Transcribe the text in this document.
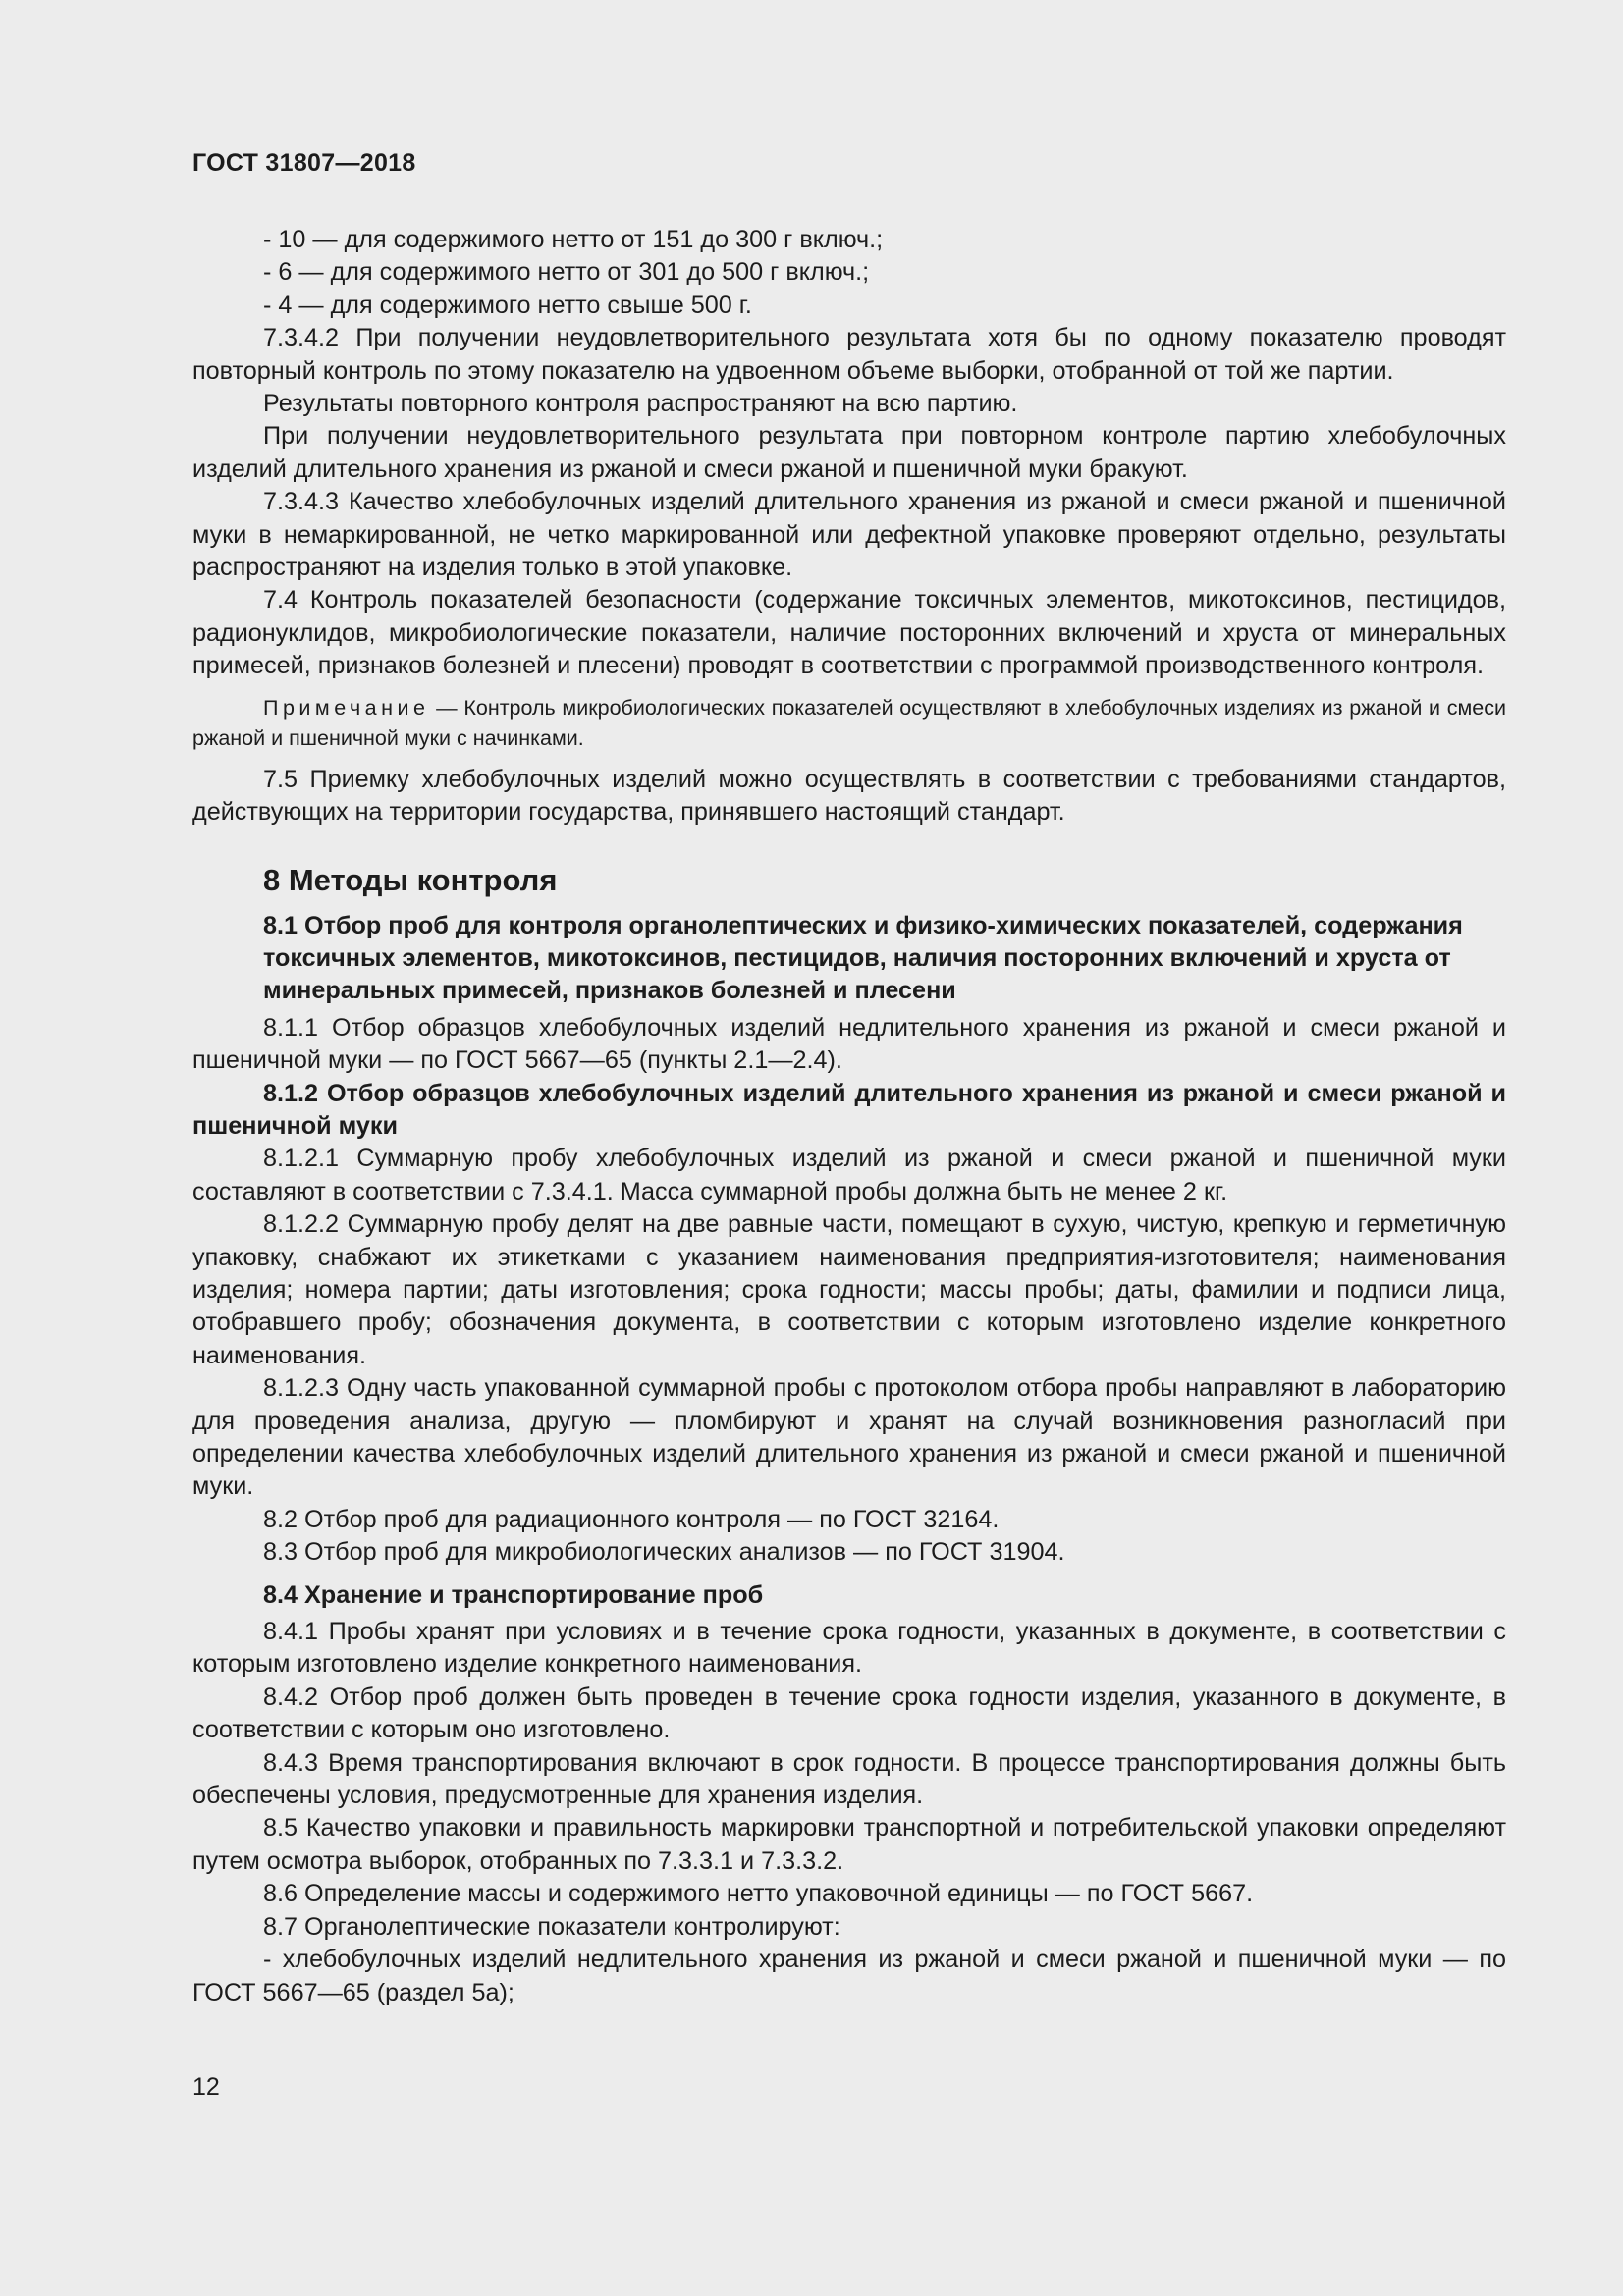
ГОСТ 31807—2018

- 10 — для содержимого нетто от 151 до 300 г включ.;

- 6 — для содержимого нетто от 301 до 500 г включ.;

- 4 — для содержимого нетто свыше 500 г.

7.3.4.2 При получении неудовлетворительного результата хотя бы по одному показателю проводят повторный контроль по этому показателю на удвоенном объеме выборки, отобранной от той же партии.

Результаты повторного контроля распространяют на всю партию.

При получении неудовлетворительного результата при повторном контроле партию хлебобулочных изделий длительного хранения из ржаной и смеси ржаной и пшеничной муки бракуют.

7.3.4.3 Качество хлебобулочных изделий длительного хранения из ржаной и смеси ржаной и пшеничной муки в немаркированной, не четко маркированной или дефектной упаковке проверяют отдельно, результаты распространяют на изделия только в этой упаковке.

7.4 Контроль показателей безопасности (содержание токсичных элементов, микотоксинов, пестицидов, радионуклидов, микробиологические показатели, наличие посторонних включений и хруста от минеральных примесей, признаков болезней и плесени) проводят в соответствии с программой производственного контроля.

Примечание — Контроль микробиологических показателей осуществляют в хлебобулочных изделиях из ржаной и смеси ржаной и пшеничной муки с начинками.

7.5 Приемку хлебобулочных изделий можно осуществлять в соответствии с требованиями стандартов, действующих на территории государства, принявшего настоящий стандарт.

8 Методы контроля
8.1 Отбор проб для контроля органолептических и физико-химических показателей, содержания токсичных элементов, микотоксинов, пестицидов, наличия посторонних включений и хруста от минеральных примесей, признаков болезней и плесени

8.1.1 Отбор образцов хлебобулочных изделий недлительного хранения из ржаной и смеси ржаной и пшеничной муки — по ГОСТ 5667—65 (пункты 2.1—2.4).

8.1.2 Отбор образцов хлебобулочных изделий длительного хранения из ржаной и смеси ржаной и пшеничной муки

8.1.2.1 Суммарную пробу хлебобулочных изделий из ржаной и смеси ржаной и пшеничной муки составляют в соответствии с 7.3.4.1. Масса суммарной пробы должна быть не менее 2 кг.

8.1.2.2 Суммарную пробу делят на две равные части, помещают в сухую, чистую, крепкую и герметичную упаковку, снабжают их этикетками с указанием наименования предприятия-изготовителя; наименования изделия; номера партии; даты изготовления; срока годности; массы пробы; даты, фамилии и подписи лица, отобравшего пробу; обозначения документа, в соответствии с которым изготовлено изделие конкретного наименования.

8.1.2.3 Одну часть упакованной суммарной пробы с протоколом отбора пробы направляют в лабораторию для проведения анализа, другую — пломбируют и хранят на случай возникновения разногласий при определении качества хлебобулочных изделий длительного хранения из ржаной и смеси ржаной и пшеничной муки.

8.2 Отбор проб для радиационного контроля — по ГОСТ 32164.

8.3 Отбор проб для микробиологических анализов — по ГОСТ 31904.

8.4 Хранение и транспортирование проб

8.4.1 Пробы хранят при условиях и в течение срока годности, указанных в документе, в соответствии с которым изготовлено изделие конкретного наименования.

8.4.2 Отбор проб должен быть проведен в течение срока годности изделия, указанного в документе, в соответствии с которым оно изготовлено.

8.4.3 Время транспортирования включают в срок годности. В процессе транспортирования должны быть обеспечены условия, предусмотренные для хранения изделия.

8.5 Качество упаковки и правильность маркировки транспортной и потребительской упаковки определяют путем осмотра выборок, отобранных по 7.3.3.1 и 7.3.3.2.

8.6 Определение массы и содержимого нетто упаковочной единицы — по ГОСТ 5667.

8.7 Органолептические показатели контролируют:

- хлебобулочных изделий недлительного хранения из ржаной и смеси ржаной и пшеничной муки — по ГОСТ 5667—65 (раздел 5а);

12
